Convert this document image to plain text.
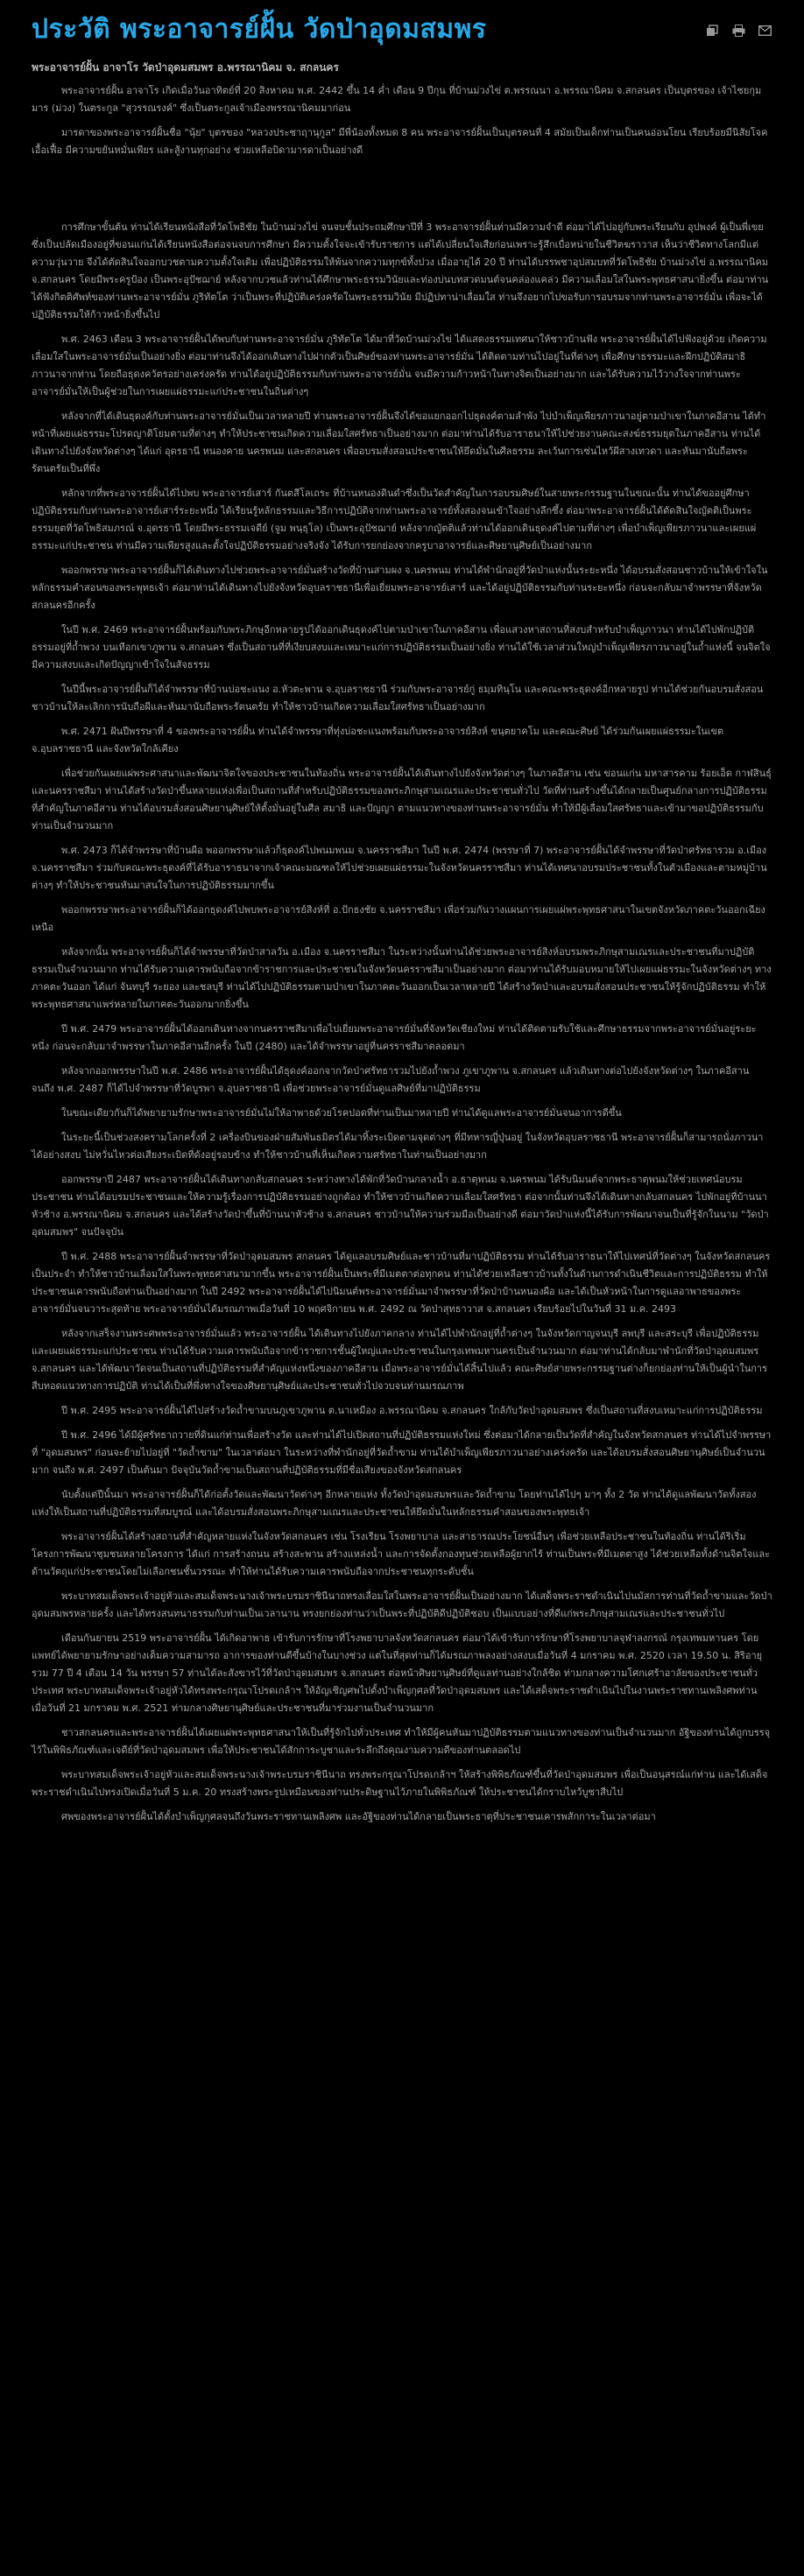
ประวัติ พระอาจารย์ฝั้น วัดป่าอุดมสมพร
พระอาจารย์ฝั้น อาจาโร วัดป่าอุดมสมพร อ.พรรณานิคม จ. สกลนคร

พระอาจารย์ฝั้น อาจาโร เกิดเมื่อวันอาทิตย์ที่ 20 สิงหาคม พ.ศ. 2442 ขึ้น 14 ค่ำ เดือน 9 ปีกุน ที่บ้านม่วงไข่ ต.พรรณนา อ.พรรณานิคม จ.สกลนคร เป็นบุตรของ เจ้าไชยกุมมาร (ม่วง) ในตระกูล "สุวรรณรงค์" ซึ่งเป็นตระกูลเจ้าเมืองพรรณานิคมมาก่อน

มารดาของพระอาจารย์ฝั้นชื่อ "นุ้ย" บุตรของ "หลวงประชาฤานุกูล" มีพี่น้องทั้งหมด 8 คน พระอาจารย์ฝั้นเป็นบุตรคนที่ 4 สมัยเป็นเด็กท่านเป็นคนอ่อนโยน เรียบร้อยมีนิสัยโจคเอื้อเฟื้อ มีความขยันหมั่นเพียร และสู้งานทุกอย่าง ช่วยเหลือบิดามารดาเป็นอย่างดี

การศึกษาขั้นต้น ท่านได้เรียนหนังสือที่วัดโพธิชัย ในบ้านม่วงไข่ จนจบชั้นประถมศึกษาปีที่ 3 พระอาจารย์ฝั้นท่านมีความจำดี ต่อมาได้ไปอยู่กับพระเรียนกับ อุปพงค์ ผู้เป็นพี่เขย ซึ่งเป็นปลัดเมืองอยู่ที่ขอนแก่นได้เรียนหนังสือต่อจนจบการศึกษา มีความตั้งใจจะเข้ารับราชการ แต่ได้เปลี่ยนใจเสียก่อนเพราะรู้สึกเบื่อหน่ายในชีวิตฆราวาส เห็นว่าชีวิตทางโลกมีแต่ความวุ่นวาย จึงได้ตัดสินใจออกบวชตามความตั้งใจเดิม เพื่อปฏิบัติธรรมให้พ้นจากความทุกข์ทั้งปวง เมื่ออายุได้ 20 ปี ท่านได้บรรพชาอุปสมบทที่วัดโพธิชัย บ้านม่วงไข่ อ.พรรณานิคม จ.สกลนคร โดยมีพระครูป้อง เป็นพระอุปัชฌาย์ หลังจากบวชแล้วท่านได้ศึกษาพระธรรมวินัยและท่องบ่นบทสวดมนต์จนคล่องแคล่ว มีความเลื่อมใสในพระพุทธศาสนายิ่งขึ้น ต่อมาท่านได้ฟังกิตติศัพท์ของท่านพระอาจารย์มั่น ภูริทัตโต ว่าเป็นพระที่ปฏิบัติเคร่งครัดในพระธรรมวินัย มีปฏิปทาน่าเลื่อมใส ท่านจึงอยากไปขอรับการอบรมจากท่านพระอาจารย์มั่น เพื่อจะได้ปฏิบัติธรรมให้ก้าวหน้ายิ่งขึ้นไป

พ.ศ. 2463 เดือน 3 พระอาจารย์ฝั้นได้พบกับท่านพระอาจารย์มั่น ภูริทัตโต ได้มาที่วัดบ้านม่วงไข่ ได้แสดงธรรมเทศนาให้ชาวบ้านฟัง พระอาจารย์ฝั้นได้ไปฟังอยู่ด้วย เกิดความเลื่อมใสในพระอาจารย์มั่นเป็นอย่างยิ่ง ต่อมาท่านจึงได้ออกเดินทางไปฝากตัวเป็นศิษย์ของท่านพระอาจารย์มั่น ได้ติดตามท่านไปอยู่ในที่ต่างๆ เพื่อศึกษาธรรมะและฝึกปฏิบัติสมาธิภาวนาจากท่าน โดยถือธุดงควัตรอย่างเคร่งครัด ท่านได้อยู่ปฏิบัติธรรมกับท่านพระอาจารย์มั่น จนมีความก้าวหน้าในทางจิตเป็นอย่างมาก และได้รับความไว้วางใจจากท่านพระอาจารย์มั่นให้เป็นผู้ช่วยในการเผยแผ่ธรรมะแก่ประชาชนในถิ่นต่างๆ

หลังจากที่ได้เดินธุดงค์กับท่านพระอาจารย์มั่นเป็นเวลาหลายปี ท่านพระอาจารย์ฝั้นจึงได้ขอแยกออกไปธุดงค์ตามลำพัง ไปบำเพ็ญเพียรภาวนาอยู่ตามป่าเขาในภาคอีสาน ได้ทำหน้าที่เผยแผ่ธรรมะโปรดญาติโยมตามที่ต่างๆ ทำให้ประชาชนเกิดความเลื่อมใสศรัทธาเป็นอย่างมาก ต่อมาท่านได้รับอาราธนาให้ไปช่วยงานคณะสงฆ์ธรรมยุตในภาคอีสาน ท่านได้เดินทางไปยังจังหวัดต่างๆ ได้แก่ อุดรธานี หนองคาย นครพนม และสกลนคร เพื่ออบรมสั่งสอนประชาชนให้ยึดมั่นในศีลธรรม ละเว้นการเซ่นไหว้ผีสางเทวดา และหันมานับถือพระรัตนตรัยเป็นที่พึ่ง

หลักจากที่พระอาจารย์ฝั้นได้ไปพบ พระอาจารย์เสาร์ กันตสีโลเถระ ที่บ้านหนองดินดำซึ่งเป็นวัดสำคัญในการอบรมศิษย์ในสายพระกรรมฐานในขณะนั้น ท่านได้ขออยู่ศึกษาปฏิบัติธรรมกับท่านพระอาจารย์เสาร์ระยะหนึ่ง ได้เรียนรู้หลักธรรมและวิธีการปฏิบัติจากท่านพระอาจารย์ทั้งสองจนเข้าใจอย่างลึกซึ้ง ต่อมาพระอาจารย์ฝั้นได้ตัดสินใจญัตติเป็นพระธรรมยุตที่วัดโพธิสมภรณ์ จ.อุดรธานี โดยมีพระธรรมเจดีย์ (จูม พนฺธุโล) เป็นพระอุปัชฌาย์ หลังจากญัตติแล้วท่านได้ออกเดินธุดงค์ไปตามที่ต่างๆ เพื่อบำเพ็ญเพียรภาวนาและเผยแผ่ธรรมะแก่ประชาชน ท่านมีความเพียรสูงและตั้งใจปฏิบัติธรรมอย่างจริงจัง ได้รับการยกย่องจากครูบาอาจารย์และศิษยานุศิษย์เป็นอย่างมาก

พออกพรรษาพระอาจารย์ฝั้นก็ได้เดินทางไปช่วยพระอาจารย์มั่นสร้างวัดที่บ้านสามผง จ.นครพนม ท่านได้พำนักอยู่ที่วัดป่าแห่งนั้นระยะหนึ่ง ได้อบรมสั่งสอนชาวบ้านให้เข้าใจในหลักธรรมคำสอนของพระพุทธเจ้า ต่อมาท่านได้เดินทางไปยังจังหวัดอุบลราชธานีเพื่อเยี่ยมพระอาจารย์เสาร์ และได้อยู่ปฏิบัติธรรมกับท่านระยะหนึ่ง ก่อนจะกลับมาจำพรรษาที่จังหวัดสกลนครอีกครั้ง

ในปี พ.ศ. 2469 พระอาจารย์ฝั้นพร้อมกับพระภิกษุอีกหลายรูปได้ออกเดินธุดงค์ไปตามป่าเขาในภาคอีสาน เพื่อแสวงหาสถานที่สงบสำหรับบำเพ็ญภาวนา ท่านได้ไปพักปฏิบัติธรรมอยู่ที่ถ้ำพวง บนเทือกเขาภูพาน จ.สกลนคร ซึ่งเป็นสถานที่ที่เงียบสงบและเหมาะแก่การปฏิบัติธรรมเป็นอย่างยิ่ง ท่านได้ใช้เวลาส่วนใหญ่บำเพ็ญเพียรภาวนาอยู่ในถ้ำแห่งนี้ จนจิตใจมีความสงบและเกิดปัญญาเข้าใจในสัจธรรม

ในปีนี้พระอาจารย์ฝั้นก็ได้จำพรรษาที่บ้านบ่อชะแนง อ.หัวตะพาน จ.อุบลราชธานี ร่วมกับพระอาจารย์กู่ ธมฺมทินฺโน และคณะพระธุดงค์อีกหลายรูป ท่านได้ช่วยกันอบรมสั่งสอนชาวบ้านให้ละเลิกการนับถือผีและหันมานับถือพระรัตนตรัย ทำให้ชาวบ้านเกิดความเลื่อมใสศรัทธาเป็นอย่างมาก

พ.ศ. 2471 ฝันปีพรรษาที่ 4 ของพระอาจารย์ฝั้น ท่านได้จำพรรษาที่ทุ่งบ่อชะแนงพร้อมกับพระอาจารย์สิงห์ ขนฺตยาคโม และคณะศิษย์ ได้ร่วมกันเผยแผ่ธรรมะในเขต จ.อุบลราชธานี และจังหวัดใกล้เคียง

เพื่อช่วยกันเผยแผ่พระศาสนาและพัฒนาจิตใจของประชาชนในท้องถิ่น พระอาจารย์ฝั้นได้เดินทางไปยังจังหวัดต่างๆ ในภาคอีสาน เช่น ขอนแก่น มหาสารคาม ร้อยเอ็ด กาฬสินธุ์ และนครราชสีมา ท่านได้สร้างวัดป่าขึ้นหลายแห่งเพื่อเป็นสถานที่สำหรับปฏิบัติธรรมของพระภิกษุสามเณรและประชาชนทั่วไป วัดที่ท่านสร้างขึ้นได้กลายเป็นศูนย์กลางการปฏิบัติธรรมที่สำคัญในภาคอีสาน ท่านได้อบรมสั่งสอนศิษยานุศิษย์ให้ตั้งมั่นอยู่ในศีล สมาธิ และปัญญา ตามแนวทางของท่านพระอาจารย์มั่น ทำให้มีผู้เลื่อมใสศรัทธาและเข้ามาขอปฏิบัติธรรมกับท่านเป็นจำนวนมาก

พ.ศ. 2473 ก็ได้จำพรรษาที่บ้านผือ พออกพรรษาแล้วก็ธุดงค์ไปพนมพนม จ.นครราชสีมา ในปี พ.ศ. 2474 (พรรษาที่ 7) พระอาจารย์ฝั้นได้จำพรรษาที่วัดป่าศรัทธารวม อ.เมือง จ.นครราชสีมา ร่วมกับคณะพระธุดงค์ที่ได้รับอาราธนาจากเจ้าคณะมณฑลให้ไปช่วยเผยแผ่ธรรมะในจังหวัดนครราชสีมา ท่านได้เทศนาอบรมประชาชนทั้งในตัวเมืองและตามหมู่บ้านต่างๆ ทำให้ประชาชนหันมาสนใจในการปฏิบัติธรรมมากขึ้น

พออกพรรษาพระอาจารย์ฝั้นก็ได้ออกธุดงค์ไปพบพระอาจารย์สิงห์ที่ อ.ปักธงชัย จ.นครราชสีมา เพื่อร่วมกันวางแผนการเผยแผ่พระพุทธศาสนาในเขตจังหวัดภาคตะวันออกเฉียงเหนือ

หลังจากนั้น พระอาจารย์ฝั้นก็ได้จำพรรษาที่วัดป่าสาลวัน อ.เมือง จ.นครราชสีมา ในระหว่างนั้นท่านได้ช่วยพระอาจารย์สิงห์อบรมพระภิกษุสามเณรและประชาชนที่มาปฏิบัติธรรมเป็นจำนวนมาก ท่านได้รับความเคารพนับถือจากข้าราชการและประชาชนในจังหวัดนครราชสีมาเป็นอย่างมาก ต่อมาท่านได้รับมอบหมายให้ไปเผยแผ่ธรรมะในจังหวัดต่างๆ ทางภาคตะวันออก ได้แก่ จันทบุรี ระยอง และชลบุรี ท่านได้ไปปฏิบัติธรรมตามป่าเขาในภาคตะวันออกเป็นเวลาหลายปี ได้สร้างวัดป่าและอบรมสั่งสอนประชาชนให้รู้จักปฏิบัติธรรม ทำให้พระพุทธศาสนาแพร่หลายในภาคตะวันออกมากยิ่งขึ้น

ปี พ.ศ. 2479 พระอาจารย์ฝั้นได้ออกเดินทางจากนครราชสีมาเพื่อไปเยี่ยมพระอาจารย์มั่นที่จังหวัดเชียงใหม่ ท่านได้ติดตามรับใช้และศึกษาธรรมจากพระอาจารย์มั่นอยู่ระยะหนึ่ง ก่อนจะกลับมาจำพรรษาในภาคอีสานอีกครั้ง ในปี (2480) และได้จำพรรษาอยู่ที่นครราชสีมาตลอดมา

หลังจากออกพรรษาในปี พ.ศ. 2486 พระอาจารย์ฝั้นได้ธุดงค์ออกจากวัดป่าศรัทธารวมไปยังถ้ำพวง ภูเขาภูพาน จ.สกลนคร แล้วเดินทางต่อไปยังจังหวัดต่างๆ ในภาคอีสาน จนถึง พ.ศ. 2487 ก็ได้ไปจำพรรษาที่วัดบูรพา จ.อุบลราชธานี เพื่อช่วยพระอาจารย์มั่นดูแลศิษย์ที่มาปฏิบัติธรรม

ในขณะเดียวกันก็ได้พยายามรักษาพระอาจารย์มั่นไม่ให้อาพาธด้วยโรคปอดที่ท่านเป็นมาหลายปี ท่านได้ดูแลพระอาจารย์มั่นจนอาการดีขึ้น

ในระยะนี้เป็นช่วงสงครามโลกครั้งที่ 2 เครื่องบินของฝ่ายสัมพันธมิตรได้มาทิ้งระเบิดตามจุดต่างๆ ที่มีทหารญี่ปุ่นอยู่ ในจังหวัดอุบลราชธานี พระอาจารย์ฝั้นก็สามารถนั่งภาวนาได้อย่างสงบ ไม่หวั่นไหวต่อเสียงระเบิดที่ดังอยู่รอบข้าง ทำให้ชาวบ้านที่เห็นเกิดความศรัทธาในท่านเป็นอย่างมาก

ออกพรรษาปี 2487 พระอาจารย์ฝั้นได้เดินทางกลับสกลนคร ระหว่างทางได้พักที่วัดบ้านกลางน้ำ อ.ธาตุพนม จ.นครพนม ได้รับนิมนต์จากพระธาตุพนมให้ช่วยเทศน์อบรมประชาชน ท่านได้อบรมประชาชนและให้ความรู้เรื่องการปฏิบัติธรรมอย่างถูกต้อง ทำให้ชาวบ้านเกิดความเลื่อมใสศรัทธา ต่อจากนั้นท่านจึงได้เดินทางกลับสกลนคร ไปพักอยู่ที่บ้านนาหัวช้าง อ.พรรณานิคม จ.สกลนคร และได้สร้างวัดป่าขึ้นที่บ้านนาหัวช้าง จ.สกลนคร ชาวบ้านให้ความร่วมมือเป็นอย่างดี ต่อมาวัดป่าแห่งนี้ได้รับการพัฒนาจนเป็นที่รู้จักในนาม "วัดป่าอุดมสมพร" จนปัจจุบัน

ปี พ.ศ. 2488 พระอาจารย์ฝั้นจำพรรษาที่วัดป่าอุดมสมพร สกลนคร ได้ดูแลอบรมศิษย์และชาวบ้านที่มาปฏิบัติธรรม ท่านได้รับอาราธนาให้ไปเทศน์ที่วัดต่างๆ ในจังหวัดสกลนครเป็นประจำ ทำให้ชาวบ้านเลื่อมใสในพระพุทธศาสนามากขึ้น พระอาจารย์ฝั้นเป็นพระที่มีเมตตาต่อทุกคน ท่านได้ช่วยเหลือชาวบ้านทั้งในด้านการดำเนินชีวิตและการปฏิบัติธรรม ทำให้ประชาชนเคารพนับถือท่านเป็นอย่างมาก ในปี 2492 พระอาจารย์ฝั้นได้ไปนิมนต์พระอาจารย์มั่นมาจำพรรษาที่วัดป่าบ้านหนองผือ และได้เป็นหัวหน้าในการดูแลอาพาธของพระอาจารย์มั่นจนวาระสุดท้าย พระอาจารย์มั่นได้มรณภาพเมื่อวันที่ 10 พฤศจิกายน พ.ศ. 2492 ณ วัดป่าสุทธาวาส จ.สกลนคร เรียบร้อยไปในวันที่ 31 ม.ค. 2493

หลังจากเสร็จงานพระศพพระอาจารย์มั่นแล้ว พระอาจารย์ฝั้น ได้เดินทางไปยังภาคกลาง ท่านได้ไปพำนักอยู่ที่ถ้ำต่างๆ ในจังหวัดกาญจนบุรี ลพบุรี และสระบุรี เพื่อปฏิบัติธรรมและเผยแผ่ธรรมะแก่ประชาชน ท่านได้รับความเคารพนับถือจากข้าราชการชั้นผู้ใหญ่และประชาชนในกรุงเทพมหานครเป็นจำนวนมาก ต่อมาท่านได้กลับมาพำนักที่วัดป่าอุดมสมพร จ.สกลนคร และได้พัฒนาวัดจนเป็นสถานที่ปฏิบัติธรรมที่สำคัญแห่งหนึ่งของภาคอีสาน เมื่อพระอาจารย์มั่นได้สิ้นไปแล้ว คณะศิษย์สายพระกรรมฐานต่างก็ยกย่องท่านให้เป็นผู้นำในการสืบทอดแนวทางการปฏิบัติ ท่านได้เป็นที่พึ่งทางใจของศิษยานุศิษย์และประชาชนทั่วไปจวบจนท่านมรณภาพ

ปี พ.ศ. 2495 พระอาจารย์ฝั้นได้ไปสร้างวัดถ้ำขามบนภูเขาภูพาน ต.นาเหมือง อ.พรรณานิคม จ.สกลนคร ใกล้กับวัดป่าอุดมสมพร ซึ่งเป็นสถานที่สงบเหมาะแก่การปฏิบัติธรรม

ปี พ.ศ. 2496 ได้มีผู้ศรัทธาถวายที่ดินแก่ท่านเพื่อสร้างวัด และท่านได้ไปเปิดสถานที่ปฏิบัติธรรมแห่งใหม่ ซึ่งต่อมาได้กลายเป็นวัดที่สำคัญในจังหวัดสกลนคร ท่านได้ไปจำพรรษาที่ "อุดมสมพร" ก่อนจะย้ายไปอยู่ที่ "วัดถ้ำขาม" ในเวลาต่อมา ในระหว่างที่พำนักอยู่ที่วัดถ้ำขาม ท่านได้บำเพ็ญเพียรภาวนาอย่างเคร่งครัด และได้อบรมสั่งสอนศิษยานุศิษย์เป็นจำนวนมาก จนถึง พ.ศ. 2497 เป็นต้นมา ปัจจุบันวัดถ้ำขามเป็นสถานที่ปฏิบัติธรรมที่มีชื่อเสียงของจังหวัดสกลนคร

นับตั้งแต่ปีนั้นมา พระอาจารย์ฝั้นก็ได้ก่อตั้งวัดและพัฒนาวัดต่างๆ อีกหลายแห่ง ทั้งวัดป่าอุดมสมพรและวัดถ้ำขาม โดยท่านได้ไปๆ มาๆ ทั้ง 2 วัด ท่านได้ดูแลพัฒนาวัดทั้งสองแห่งให้เป็นสถานที่ปฏิบัติธรรมที่สมบูรณ์ และได้อบรมสั่งสอนพระภิกษุสามเณรและประชาชนให้ยึดมั่นในหลักธรรมคำสอนของพระพุทธเจ้า

พระอาจารย์ฝั้นได้สร้างสถานที่สำคัญหลายแห่งในจังหวัดสกลนคร เช่น โรงเรียน โรงพยาบาล และสาธารณประโยชน์อื่นๆ เพื่อช่วยเหลือประชาชนในท้องถิ่น ท่านได้ริเริ่มโครงการพัฒนาชุมชนหลายโครงการ ได้แก่ การสร้างถนน สร้างสะพาน สร้างแหล่งน้ำ และการจัดตั้งกองทุนช่วยเหลือผู้ยากไร้ ท่านเป็นพระที่มีเมตตาสูง ได้ช่วยเหลือทั้งด้านจิตใจและด้านวัตถุแก่ประชาชนโดยไม่เลือกชนชั้นวรรณะ ทำให้ท่านได้รับความเคารพนับถือจากประชาชนทุกระดับชั้น

พระบาทสมเด็จพระเจ้าอยู่หัวและสมเด็จพระนางเจ้าพระบรมราชินีนาถทรงเลื่อมใสในพระอาจารย์ฝั้นเป็นอย่างมาก ได้เสด็จพระราชดำเนินไปนมัสการท่านที่วัดถ้ำขามและวัดป่าอุดมสมพรหลายครั้ง และได้ทรงสนทนาธรรมกับท่านเป็นเวลานาน ทรงยกย่องท่านว่าเป็นพระที่ปฏิบัติดีปฏิบัติชอบ เป็นแบบอย่างที่ดีแก่พระภิกษุสามเณรและประชาชนทั่วไป

เดือนกันยายน 2519 พระอาจารย์ฝั้น ได้เกิดอาพาธ เข้ารับการรักษาที่โรงพยาบาลจังหวัดสกลนคร ต่อมาได้เข้ารับการรักษาที่โรงพยาบาลจุฬาลงกรณ์ กรุงเทพมหานคร โดยแพทย์ได้พยายามรักษาอย่างเต็มความสามารถ อาการของท่านดีขึ้นบ้างในบางช่วง แต่ในที่สุดท่านก็ได้มรณภาพลงอย่างสงบเมื่อวันที่ 4 มกราคม พ.ศ. 2520 เวลา 19.50 น. สิริอายุรวม 77 ปี 4 เดือน 14 วัน พรรษา 57 ท่านได้ละสังขารไว้ที่วัดป่าอุดมสมพร จ.สกลนคร ต่อหน้าศิษยานุศิษย์ที่ดูแลท่านอย่างใกล้ชิด ท่ามกลางความโศกเศร้าอาลัยของประชาชนทั่วประเทศ พระบาทสมเด็จพระเจ้าอยู่หัวได้ทรงพระกรุณาโปรดเกล้าฯ ให้อัญเชิญศพไปตั้งบำเพ็ญกุศลที่วัดป่าอุดมสมพร และได้เสด็จพระราชดำเนินไปในงานพระราชทานเพลิงศพท่านเมื่อวันที่ 21 มกราคม พ.ศ. 2521 ท่ามกลางศิษยานุศิษย์และประชาชนที่มาร่วมงานเป็นจำนวนมาก

ชาวสกลนครและพระอาจารย์ฝั้นได้เผยแผ่พระพุทธศาสนาให้เป็นที่รู้จักไปทั่วประเทศ ทำให้มีผู้คนหันมาปฏิบัติธรรมตามแนวทางของท่านเป็นจำนวนมาก อัฐิของท่านได้ถูกบรรจุไว้ในพิพิธภัณฑ์และเจดีย์ที่วัดป่าอุดมสมพร เพื่อให้ประชาชนได้สักการะบูชาและระลึกถึงคุณงามความดีของท่านตลอดไป

พระบาทสมเด็จพระเจ้าอยู่หัวและสมเด็จพระนางเจ้าพระบรมราชินีนาถ ทรงพระกรุณาโปรดเกล้าฯ ให้สร้างพิพิธภัณฑ์ขึ้นที่วัดป่าอุดมสมพร เพื่อเป็นอนุสรณ์แก่ท่าน และได้เสด็จพระราชดำเนินไปทรงเปิดเมื่อวันที่ 5 ม.ค. 20 ทรงสร้างพระรูปเหมือนของท่านประดิษฐานไว้ภายในพิพิธภัณฑ์ ให้ประชาชนได้กราบไหว้บูชาสืบไป

ศพของพระอาจารย์ฝั้นได้ตั้งบำเพ็ญกุศลจนถึงวันพระราชทานเพลิงศพ และอัฐิของท่านได้กลายเป็นพระธาตุที่ประชาชนเคารพสักการะในเวลาต่อมา
